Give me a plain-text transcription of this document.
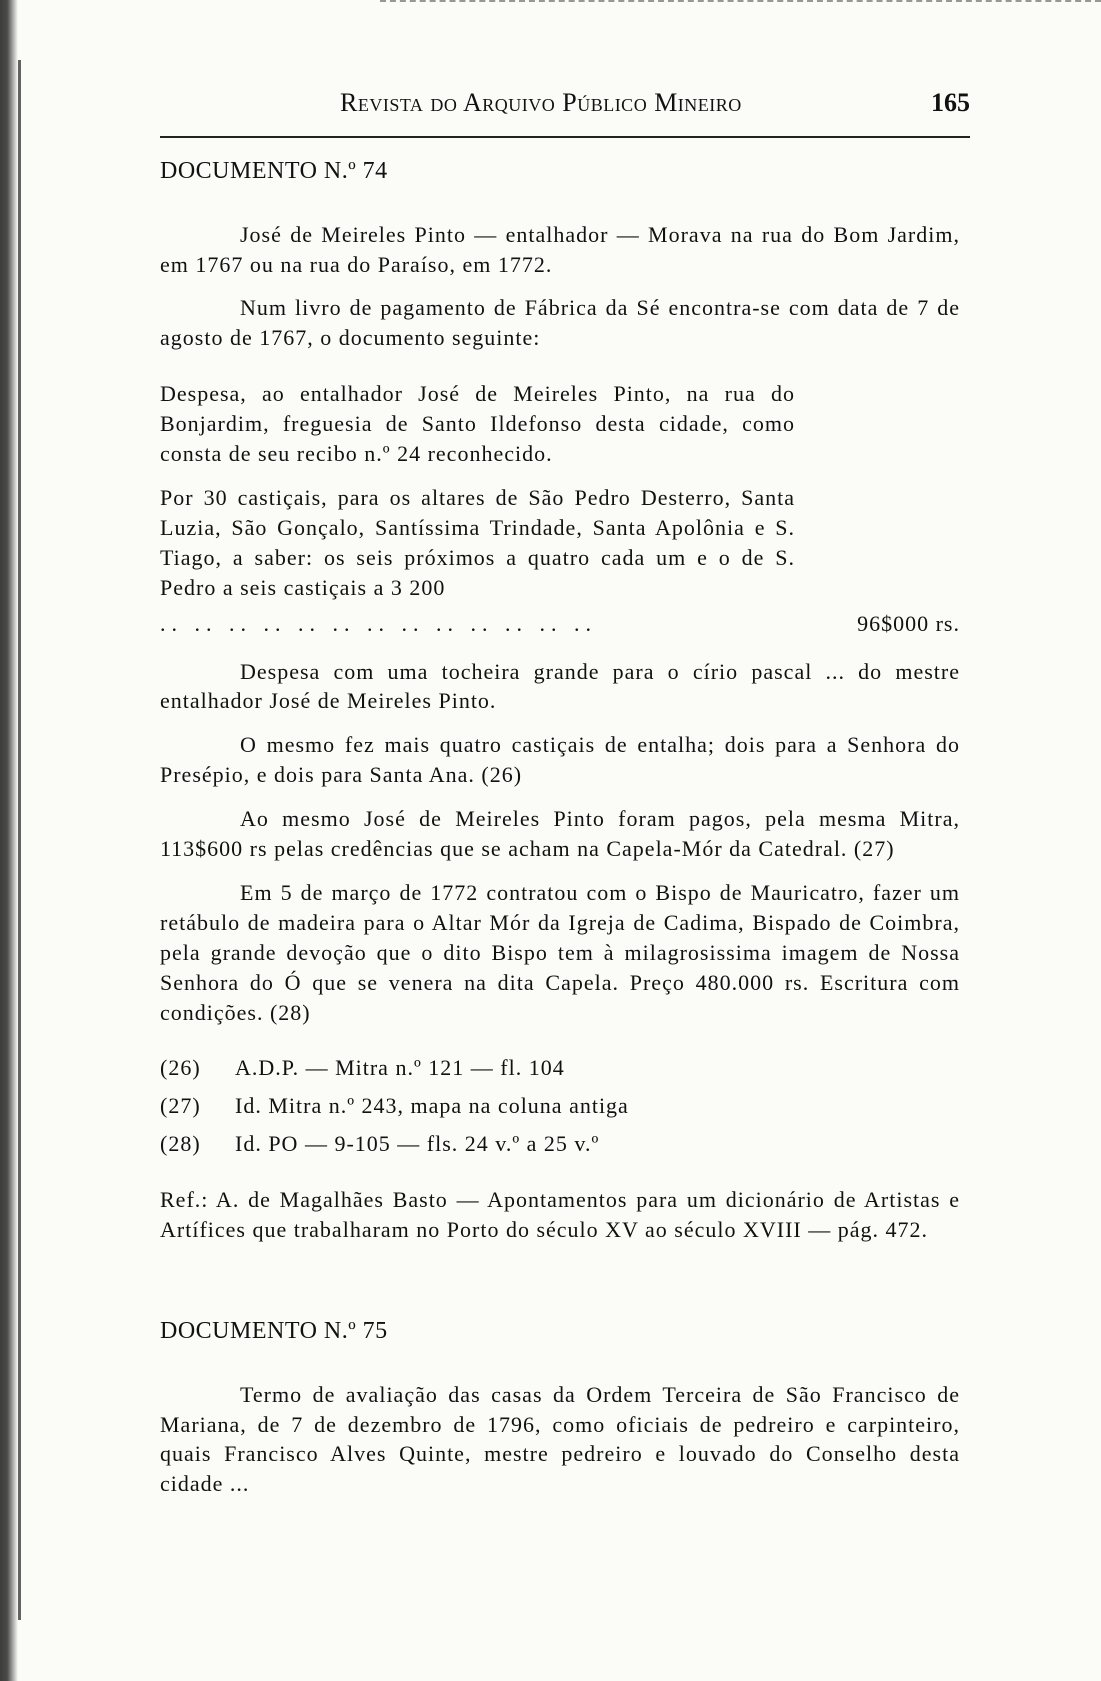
Revista do Arquivo Público Mineiro	165
DOCUMENTO N.º 74

José de Meireles Pinto — entalhador — Morava na rua do Bom Jardim, em 1767 ou na rua do Paraíso, em 1772.

Num livro de pagamento de Fábrica da Sé encontra-se com data de 7 de agosto de 1767, o documento seguinte:

Despesa, ao entalhador José de Meireles Pinto, na rua do Bonjardim, freguesia de Santo Ildefonso desta cidade, como consta de seu recibo n.º 24 reconhecido.

Por 30 castiçais, para os altares de São Pedro Desterro, Santa Luzia, São Gonçalo, Santíssima Trindade, Santa Apolônia e S. Tiago, a saber: os seis próximos a quatro cada um e o de S. Pedro a seis castiçais a 3 200

.. .. .. .. .. .. .. .. .. .. .. .. ..	96$000 rs.

Despesa com uma tocheira grande para o círio pascal ... do mestre entalhador José de Meireles Pinto.

O mesmo fez mais quatro castiçais de entalha; dois para a Senhora do Presépio, e dois para Santa Ana. (26)

Ao mesmo José de Meireles Pinto foram pagos, pela mesma Mitra, 113$600 rs pelas credências que se acham na Capela-Mór da Catedral. (27)

Em 5 de março de 1772 contratou com o Bispo de Mauricatro, fazer um retábulo de madeira para o Altar Mór da Igreja de Cadima, Bispado de Coimbra, pela grande devoção que o dito Bispo tem à milagrosissima imagem de Nossa Senhora do Ó que se venera na dita Capela. Preço 480.000 rs. Escritura com condições. (28)

(26)	A.D.P. — Mitra n.º 121 — fl. 104
(27)	Id. Mitra n.º 243, mapa na coluna antiga
(28)	Id. PO — 9-105 — fls. 24 v.º a 25 v.º

Ref.: A. de Magalhães Basto — Apontamentos para um dicionário de Artistas e Artífices que trabalharam no Porto do século XV ao século XVIII — pág. 472.

DOCUMENTO N.º 75

Termo de avaliação das casas da Ordem Terceira de São Francisco de Mariana, de 7 de dezembro de 1796, como oficiais de pedreiro e carpinteiro, quais Francisco Alves Quinte, mestre pedreiro e louvado do Conselho desta cidade ...
